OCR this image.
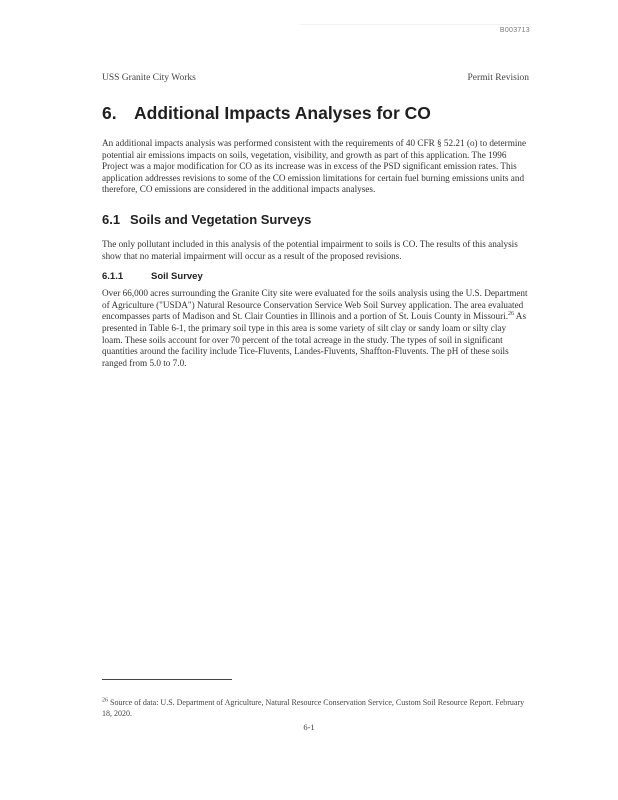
B003713
USS Granite City Works	Permit Revision
6. Additional Impacts Analyses for CO

An additional impacts analysis was performed consistent with the requirements of 40 CFR § 52.21 (o) to determine potential air emissions impacts on soils, vegetation, visibility, and growth as part of this application. The 1996 Project was a major modification for CO as its increase was in excess of the PSD significant emission rates. This application addresses revisions to some of the CO emission limitations for certain fuel burning emissions units and therefore, CO emissions are considered in the additional impacts analyses.

6.1 Soils and Vegetation Surveys

The only pollutant included in this analysis of the potential impairment to soils is CO. The results of this analysis show that no material impairment will occur as a result of the proposed revisions.

6.1.1	Soil Survey

Over 66,000 acres surrounding the Granite City site were evaluated for the soils analysis using the U.S. Department of Agriculture ("USDA") Natural Resource Conservation Service Web Soil Survey application. The area evaluated encompasses parts of Madison and St. Clair Counties in Illinois and a portion of St. Louis County in Missouri.$^{26}$ As presented in Table 6-1, the primary soil type in this area is some variety of silt clay or sandy loam or silty clay loam. These soils account for over 70 percent of the total acreage in the study. The types of soil in significant quantities around the facility include Tice-Fluvents, Landes-Fluvents, Shaffton-Fluvents. The pH of these soils ranged from 5.0 to 7.0.

$^{26}$ Source of data: U.S. Department of Agriculture, Natural Resource Conservation Service, Custom Soil Resource Report. February 18, 2020.

6-1
